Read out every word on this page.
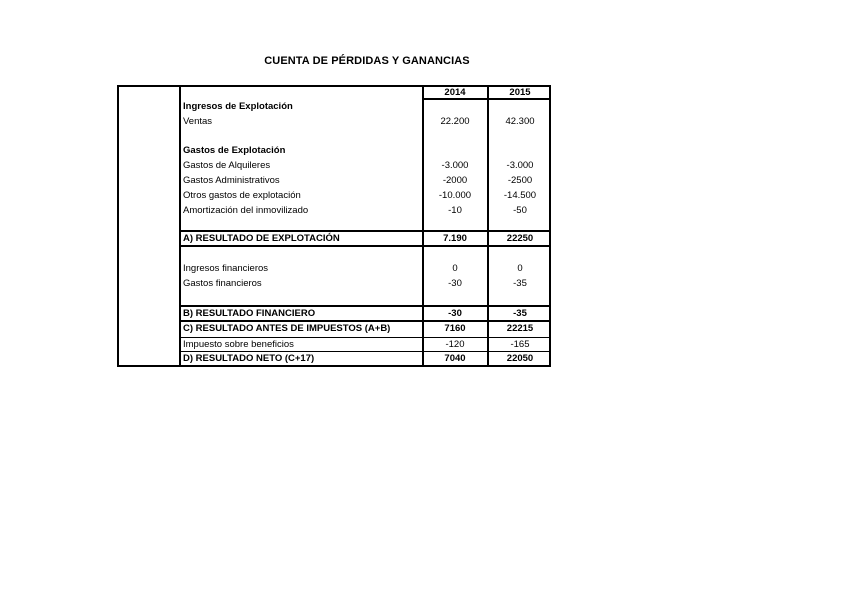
CUENTA DE PÉRDIDAS Y GANANCIAS
2014	2015
Ingresos de Explotación
Ventas	22.200	42.300
Gastos de Explotación
Gastos de Alquileres	-3.000	-3.000
Gastos Administrativos	-2000	-2500
Otros gastos de explotación	-10.000	-14.500
Amortización del inmovilizado	-10	-50
A) RESULTADO DE EXPLOTACIÓN	7.190	22250
Ingresos financieros	0	0
Gastos financieros	-30	-35
B) RESULTADO FINANCIERO	-30	-35
C) RESULTADO ANTES DE IMPUESTOS (A+B)	7160	22215
Impuesto sobre beneficios	-120	-165
D) RESULTADO NETO (C+17)	7040	22050
